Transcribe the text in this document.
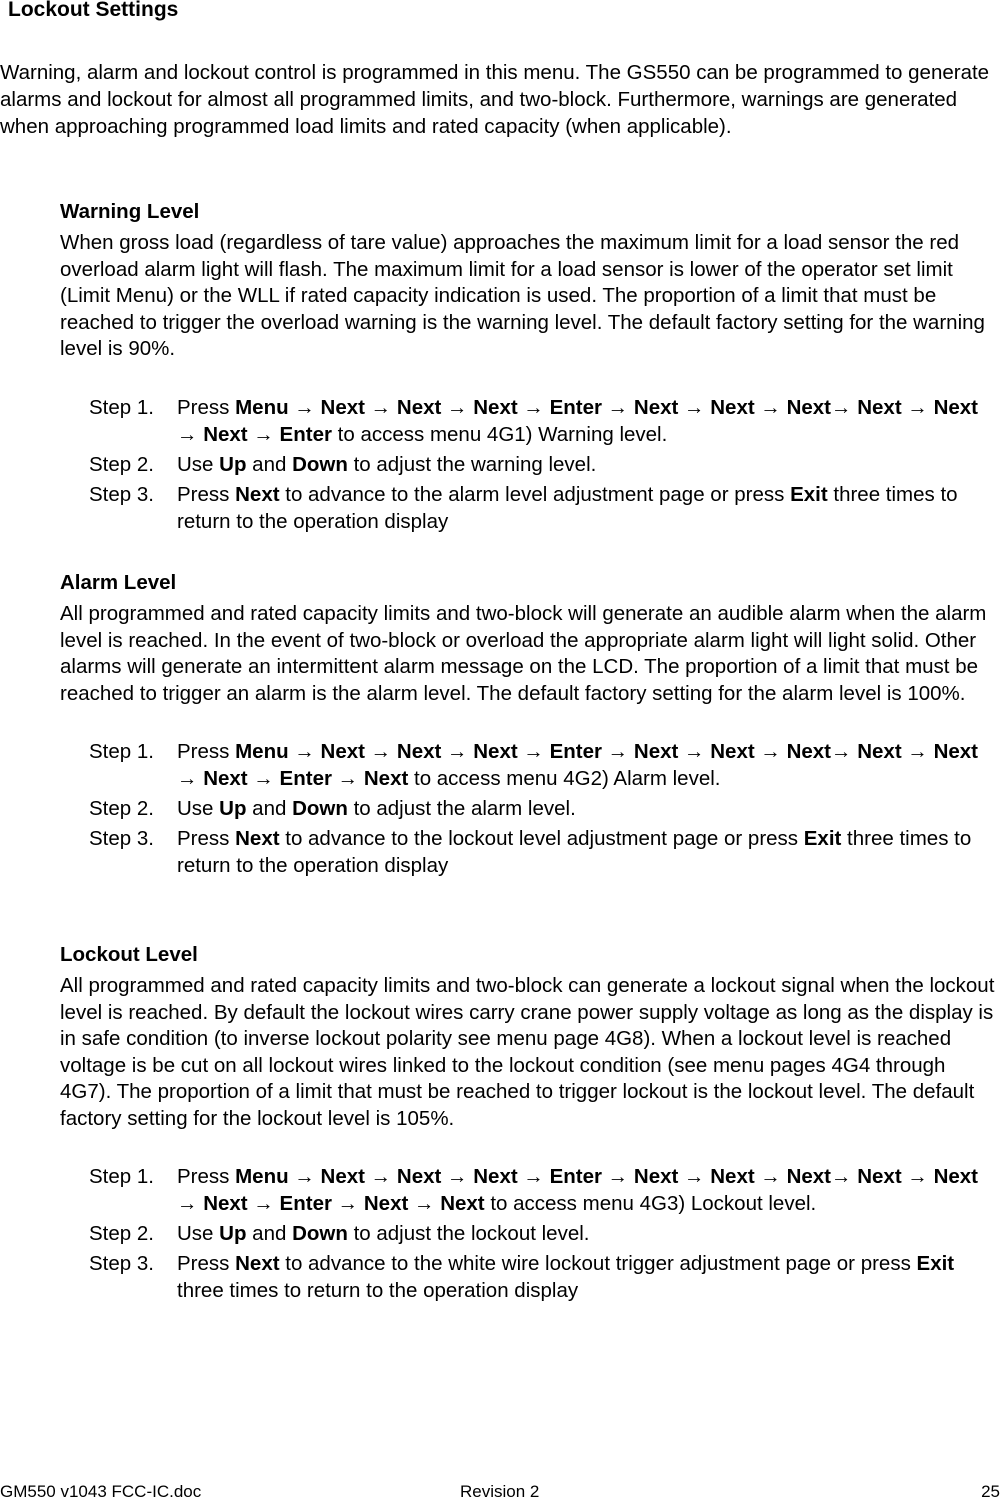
Lockout Settings

Warning, alarm and lockout control is programmed in this menu. The GS550 can be programmed to generate alarms and lockout for almost all programmed limits, and two-block. Furthermore, warnings are generated when approaching programmed load limits and rated capacity (when applicable).

Warning Level

When gross load (regardless of tare value) approaches the maximum limit for a load sensor the red overload alarm light will flash. The maximum limit for a load sensor is lower of the operator set limit (Limit Menu) or the WLL if rated capacity indication is used. The proportion of a limit that must be reached to trigger the overload warning is the warning level. The default factory setting for the warning level is 90%.

Step 1.	Press Menu → Next → Next → Next → Enter → Next → Next → Next→ Next → Next → Next → Enter to access menu 4G1) Warning level.
Step 2.	Use Up and Down to adjust the warning level.
Step 3.	Press Next to advance to the alarm level adjustment page or press Exit three times to return to the operation display
Alarm Level

All programmed and rated capacity limits and two-block will generate an audible alarm when the alarm level is reached. In the event of two-block or overload the appropriate alarm light will light solid. Other alarms will generate an intermittent alarm message on the LCD. The proportion of a limit that must be reached to trigger an alarm is the alarm level. The default factory setting for the alarm level is 100%.

Step 1.	Press Menu → Next → Next → Next → Enter → Next → Next → Next→ Next → Next → Next → Enter → Next to access menu 4G2) Alarm level.
Step 2.	Use Up and Down to adjust the alarm level.
Step 3.	Press Next to advance to the lockout level adjustment page or press Exit three times to return to the operation display
Lockout Level

All programmed and rated capacity limits and two-block can generate a lockout signal when the lockout level is reached. By default the lockout wires carry crane power supply voltage as long as the display is in safe condition (to inverse lockout polarity see menu page 4G8). When a lockout level is reached voltage is be cut on all lockout wires linked to the lockout condition (see menu pages 4G4 through 4G7). The proportion of a limit that must be reached to trigger lockout is the lockout level. The default factory setting for the lockout level is 105%.

Step 1.	Press Menu → Next → Next → Next → Enter → Next → Next → Next→ Next → Next → Next → Enter → Next → Next to access menu 4G3) Lockout level.
Step 2.	Use Up and Down to adjust the lockout level.
Step 3.	Press Next to advance to the white wire lockout trigger adjustment page or press Exit three times to return to the operation display
GM550 v1043 FCC-IC.doc	Revision 2	25
